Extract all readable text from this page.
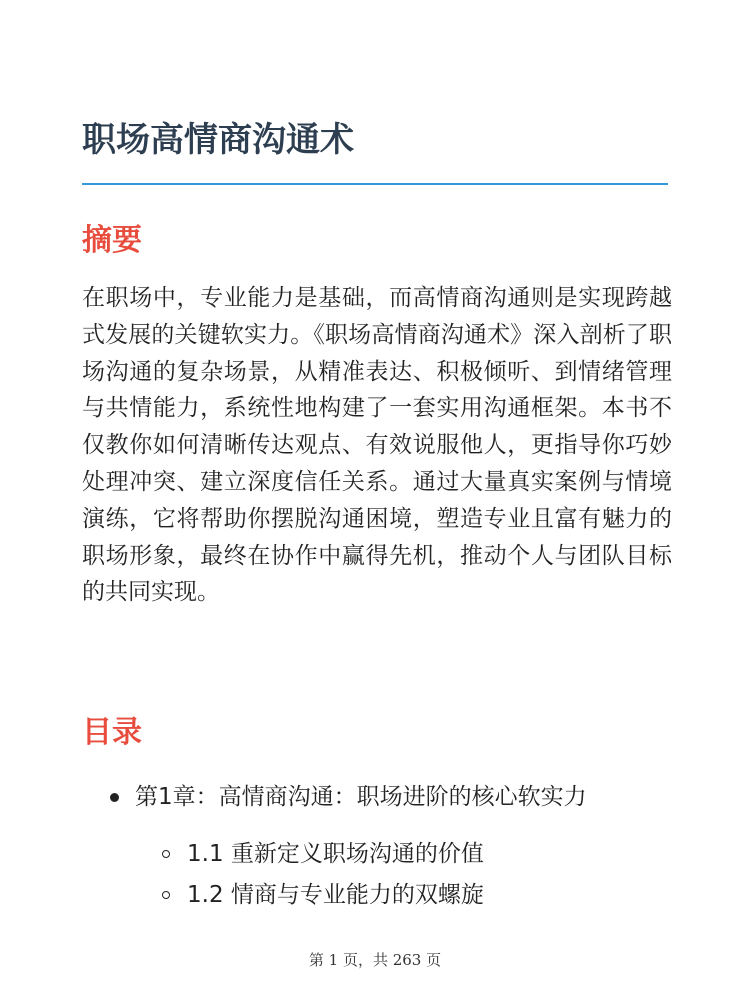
职场高情商沟通术
摘要

在职场中，专业能力是基础，而高情商沟通则是实现跨越式发展的关键软实力。《职场高情商沟通术》深入剖析了职场沟通的复杂场景，从精准表达、积极倾听、到情绪管理与共情能力，系统性地构建了一套实用沟通框架。本书不仅教你如何清晰传达观点、有效说服他人，更指导你巧妙处理冲突、建立深度信任关系。通过大量真实案例与情境演练，它将帮助你摆脱沟通困境，塑造专业且富有魅力的职场形象，最终在协作中赢得先机，推动个人与团队目标的共同实现。

目录
第1章：高情商沟通：职场进阶的核心软实力
1.1 重新定义职场沟通的价值
1.2 情商与专业能力的双螺旋
第 1 页，共 263 页
